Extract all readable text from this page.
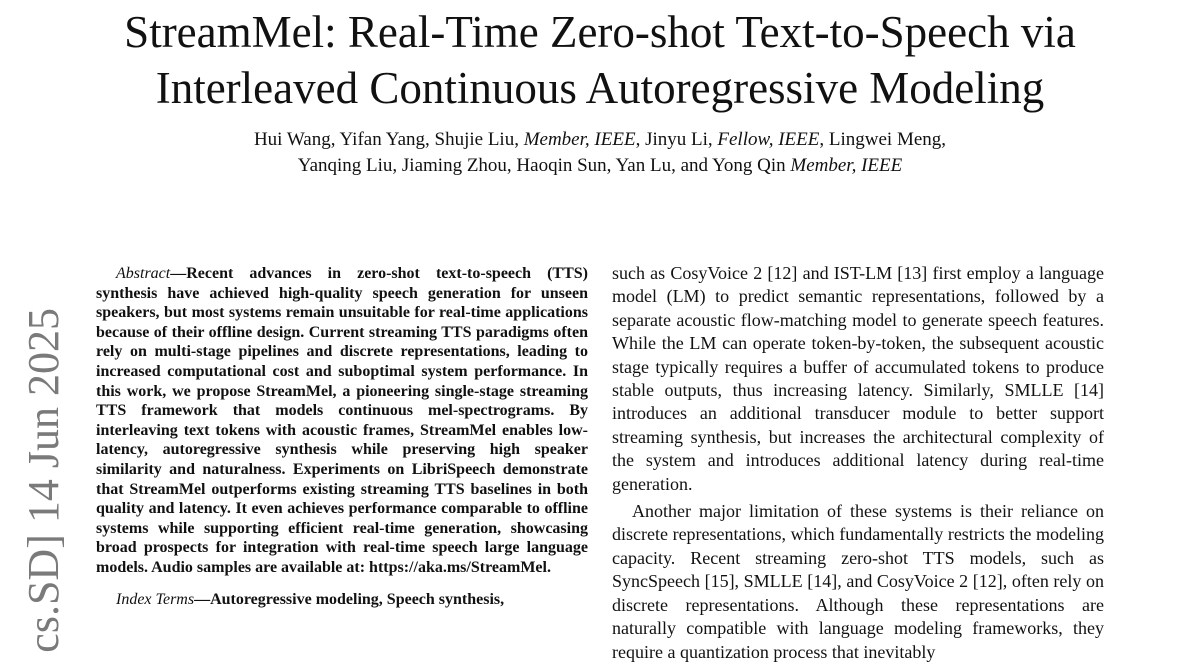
StreamMel: Real-Time Zero-shot Text-to-Speech via
Interleaved Continuous Autoregressive Modeling
Hui Wang, Yifan Yang, Shujie Liu, Member, IEEE, Jinyu Li, Fellow, IEEE, Lingwei Meng,
Yanqing Liu, Jiaming Zhou, Haoqin Sun, Yan Lu, and Yong Qin Member, IEEE
cs.SD] 14 Jun 2025

Abstract—Recent advances in zero-shot text-to-speech (TTS) synthesis have achieved high-quality speech generation for unseen speakers, but most systems remain unsuitable for real-time applications because of their offline design. Current streaming TTS paradigms often rely on multi-stage pipelines and discrete representations, leading to increased computational cost and suboptimal system performance. In this work, we propose StreamMel, a pioneering single-stage streaming TTS framework that models continuous mel-spectrograms. By interleaving text tokens with acoustic frames, StreamMel enables low-latency, autoregressive synthesis while preserving high speaker similarity and naturalness. Experiments on LibriSpeech demonstrate that StreamMel outperforms existing streaming TTS baselines in both quality and latency. It even achieves performance comparable to offline systems while supporting efficient real-time generation, showcasing broad prospects for integration with real-time speech large language models. Audio samples are available at: https://aka.ms/StreamMel.

Index Terms—Autoregressive modeling, Speech synthesis,

such as CosyVoice 2 [12] and IST-LM [13] first employ a language model (LM) to predict semantic representations, followed by a separate acoustic flow-matching model to generate speech features. While the LM can operate token-by-token, the subsequent acoustic stage typically requires a buffer of accumulated tokens to produce stable outputs, thus increasing latency. Similarly, SMLLE [14] introduces an additional transducer module to better support streaming synthesis, but increases the architectural complexity of the system and introduces additional latency during real-time generation.

Another major limitation of these systems is their reliance on discrete representations, which fundamentally restricts the modeling capacity. Recent streaming zero-shot TTS models, such as SyncSpeech [15], SMLLE [14], and CosyVoice 2 [12], often rely on discrete representations. Although these representations are naturally compatible with language modeling frameworks, they require a quantization process that inevitably
